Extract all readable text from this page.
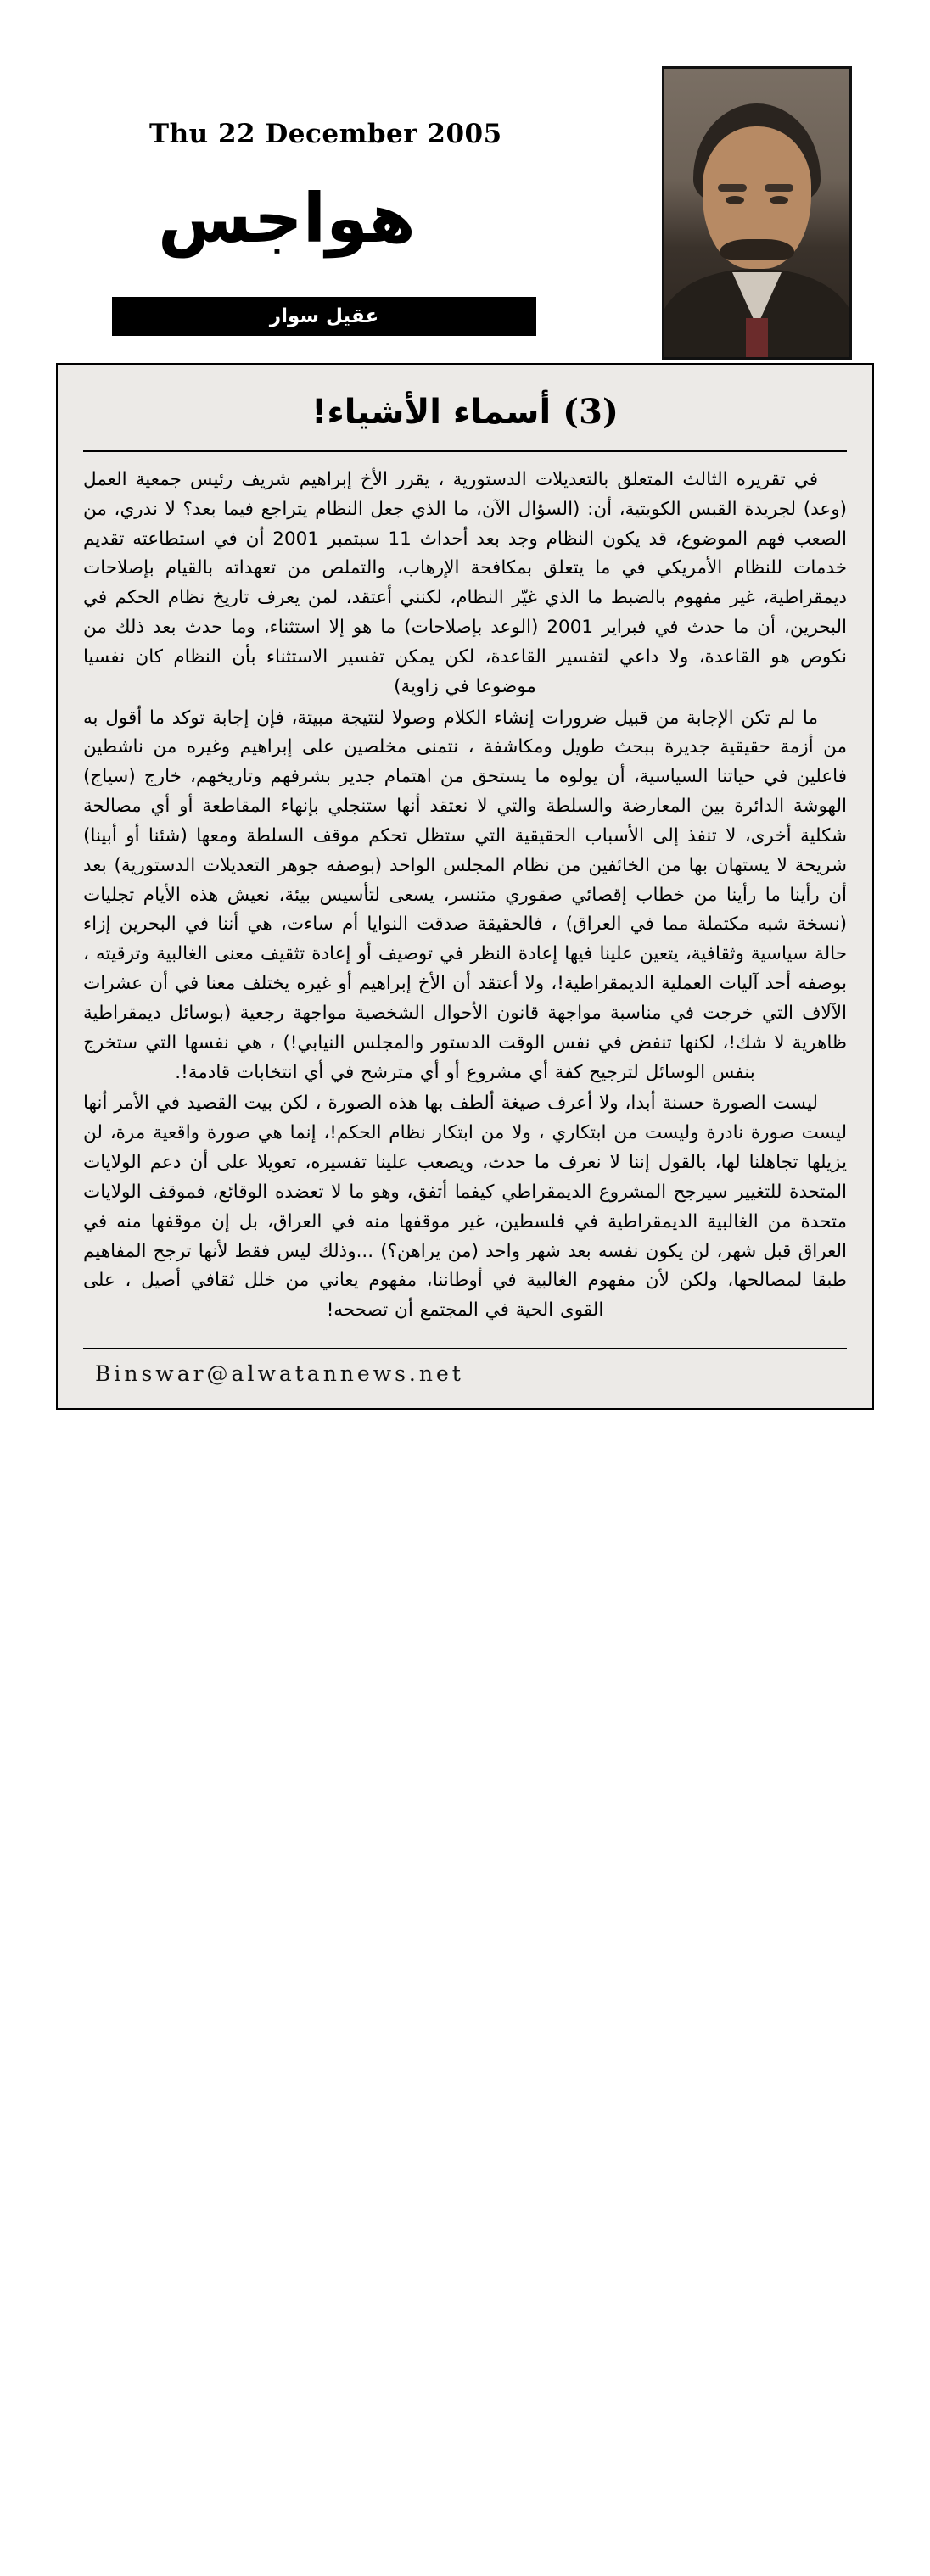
Thu 22 December 2005
هواجس
عقيل سوار
(3) أسماء الأشياء!

في تقريره الثالث المتعلق بالتعديلات الدستورية ، يقرر الأخ إبراهيم شريف رئيس جمعية العمل (وعد) لجريدة القبس الكويتية، أن: (السؤال الآن، ما الذي جعل النظام يتراجع فيما بعد؟ لا ندري، من الصعب فهم الموضوع، قد يكون النظام وجد بعد أحداث 11 سبتمبر 2001 أن في استطاعته تقديم خدمات للنظام الأمريكي في ما يتعلق بمكافحة الإرهاب، والتملص من تعهداته بالقيام بإصلاحات ديمقراطية، غير مفهوم بالضبط ما الذي غيّر النظام، لكنني أعتقد، لمن يعرف تاريخ نظام الحكم في البحرين، أن ما حدث في فبراير 2001 (الوعد بإصلاحات) ما هو إلا استثناء، وما حدث بعد ذلك من نكوص هو القاعدة، ولا داعي لتفسير القاعدة، لكن يمكن تفسير الاستثناء بأن النظام كان نفسيا موضوعا في زاوية)

ما لم تكن الإجابة من قبيل ضرورات إنشاء الكلام وصولا لنتيجة مبيتة، فإن إجابة توكد ما أقول به من أزمة حقيقية جديرة ببحث طويل ومكاشفة ، نتمنى مخلصين على إبراهيم وغيره من ناشطين فاعلين في حياتنا السياسية، أن يولوه ما يستحق من اهتمام جدير بشرفهم وتاريخهم، خارج (سياج) الهوشة الدائرة بين المعارضة والسلطة والتي لا نعتقد أنها ستنجلي بإنهاء المقاطعة أو أي مصالحة شكلية أخرى، لا تنفذ إلى الأسباب الحقيقية التي ستظل تحكم موقف السلطة ومعها (شئنا أو أبينا) شريحة لا يستهان بها من الخائفين من نظام المجلس الواحد (بوصفه جوهر التعديلات الدستورية) بعد أن رأينا ما رأينا من خطاب إقصائي صقوري متنسر، يسعى لتأسيس بيئة، نعيش هذه الأيام تجليات (نسخة شبه مكتملة مما في العراق) ، فالحقيقة صدقت النوايا أم ساءت، هي أننا في البحرين إزاء حالة سياسية وثقافية، يتعين علينا فيها إعادة النظر في توصيف أو إعادة تثقيف معنى الغالبية وترقيته ، بوصفه أحد آليات العملية الديمقراطية!، ولا أعتقد أن الأخ إبراهيم أو غيره يختلف معنا في أن عشرات الآلاف التي خرجت في مناسبة مواجهة قانون الأحوال الشخصية مواجهة رجعية (بوسائل ديمقراطية ظاهرية لا شك!، لكنها تنفض في نفس الوقت الدستور والمجلس النيابي!) ، هي نفسها التي ستخرج بنفس الوسائل لترجيح كفة أي مشروع أو أي مترشح في أي انتخابات قادمة!.

ليست الصورة حسنة أبدا، ولا أعرف صيغة ألطف بها هذه الصورة ، لكن بيت القصيد في الأمر أنها ليست صورة نادرة وليست من ابتكاري ، ولا من ابتكار نظام الحكم!، إنما هي صورة واقعية مرة، لن يزيلها تجاهلنا لها، بالقول إننا لا نعرف ما حدث، ويصعب علينا تفسيره، تعويلا على أن دعم الولايات المتحدة للتغيير سيرجح المشروع الديمقراطي كيفما أتفق، وهو ما لا تعضده الوقائع، فموقف الولايات متحدة من الغالبية الديمقراطية في فلسطين، غير موقفها منه في العراق، بل إن موقفها منه في العراق قبل شهر، لن يكون نفسه بعد شهر واحد (من يراهن؟) ...وذلك ليس فقط لأنها ترجح المفاهيم طبقا لمصالحها، ولكن لأن مفهوم الغالبية في أوطاننا، مفهوم يعاني من خلل ثقافي أصيل ، على القوى الحية في المجتمع أن تصححه!

Binswar@alwatannews.net
